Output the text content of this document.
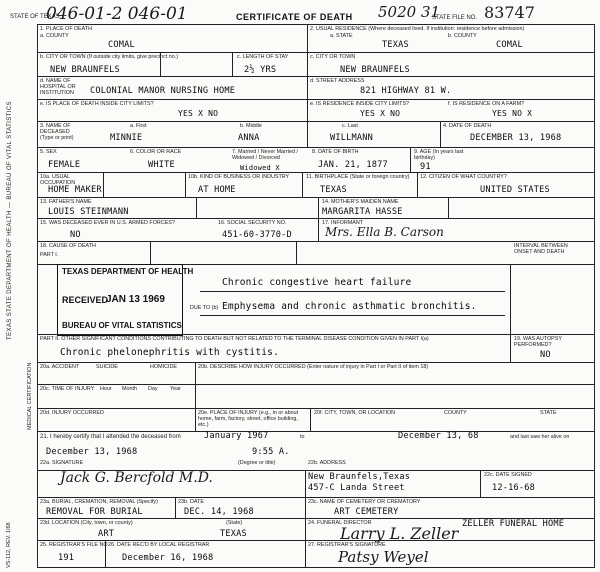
STATE OF TEXAS
046-01-2 046-01	CERTIFICATE OF DEATH 5020 31
STATE FILE NO. 83747
TEXAS STATE DEPARTMENT OF HEALTH — BUREAU OF VITAL STATISTICS
MEDICAL CERTIFICATION
VS-112, REV. 1/68
1. PLACE OF DEATH
a. COUNTY
COMAL
2. USUAL RESIDENCE (Where deceased lived. If institution: residence before admission)
a. STATE
TEXAS
b. COUNTY
COMAL
b. CITY OR TOWN (If outside city limits, give precinct no.)
NEW BRAUNFELS
c. LENGTH OF STAY
2½ YRS
c. CITY OR TOWN
NEW BRAUNFELS
d. NAME OF HOSPITAL OR INSTITUTION	COLONIAL MANOR NURSING HOME
d. STREET ADDRESS
821 HIGHWAY 81 W.
e. IS PLACE OF DEATH INSIDE CITY LIMITS?
YES X NO
e. IS RESIDENCE INSIDE CITY LIMITS?
YES X NO
f. IS RESIDENCE ON A FARM?
YES NO X
3. NAME OF DECEASED (Type or print)
a. First
MINNIE
b. Middle
ANNA
c. Last
WILLMANN
4. DATE OF DEATH
DECEMBER 13, 1968
5. SEX
FEMALE
6. COLOR OR RACE
WHITE
7. Married / Never Married / Widowed / Divorced
Widowed X
8. DATE OF BIRTH
JAN. 21, 1877
9. AGE (In years last birthday)
91
10a. USUAL OCCUPATION
HOME MAKER
10b. KIND OF BUSINESS OR INDUSTRY
AT HOME
11. BIRTHPLACE (State or foreign country)
TEXAS
12. CITIZEN OF WHAT COUNTRY?
UNITED STATES
13. FATHER'S NAME
LOUIS STEINMANN
14. MOTHER'S MAIDEN NAME
MARGARITA HASSE
15. WAS DECEASED EVER IN U.S. ARMED FORCES?
NO
16. SOCIAL SECURITY NO.
451-60-3770-D
17. INFORMANT
Mrs. Ella B. Carson
18. CAUSE OF DEATH
PART I.
INTERVAL BETWEEN ONSET AND DEATH
TEXAS DEPARTMENT OF HEALTH
RECEIVED
JAN 13 1969
BUREAU OF VITAL STATISTICS
Chronic congestive heart failure
DUE TO (b) Emphysema and chronic asthmatic bronchitis.
PART II. OTHER SIGNIFICANT CONDITIONS CONTRIBUTING TO DEATH BUT NOT RELATED TO THE TERMINAL DISEASE CONDITION GIVEN IN PART I(a)
Chronic phelonephritis with cystitis.
19. WAS AUTOPSY PERFORMED?
NO
20a. ACCIDENT	SUICIDE	HOMICIDE	20b. DESCRIBE HOW INJURY OCCURRED (Enter nature of injury in Part I or Part II of item 18)
20c. TIME OF INJURY Hour Month Day Year
20d. INJURY OCCURRED	20e. PLACE OF INJURY (e.g., in or about home, farm, factory, street, office building, etc.)
20f. CITY, TOWN, OR LOCATION	COUNTY	STATE
21. I hereby certify that I attended the deceased from	January 1967	to	December 13, 68	and last saw her alive on
December 13, 1968	9:55 A.
22a. SIGNATURE
Jack G. Bercfold M.D.
(Degree or title)	22b. ADDRESS
New Braunfels,Texas
457-C Landa Street
22c. DATE SIGNED
12-16-68
23a. BURIAL, CREMATION, REMOVAL (Specify)
REMOVAL FOR BURIAL
23b. DATE
DEC. 14, 1968
23c. NAME OF CEMETERY OR CREMATORY
ART CEMETERY
23d. LOCATION (City, town, or county)
ART
(State)
TEXAS
24. FUNERAL DIRECTOR	ZELLER FUNERAL HOME
Larry L. Zeller
25. REGISTRAR'S FILE NO.
191
26. DATE REC'D BY LOCAL REGISTRAR
December 16, 1968
27. REGISTRAR'S SIGNATURE
Patsy Weyel
